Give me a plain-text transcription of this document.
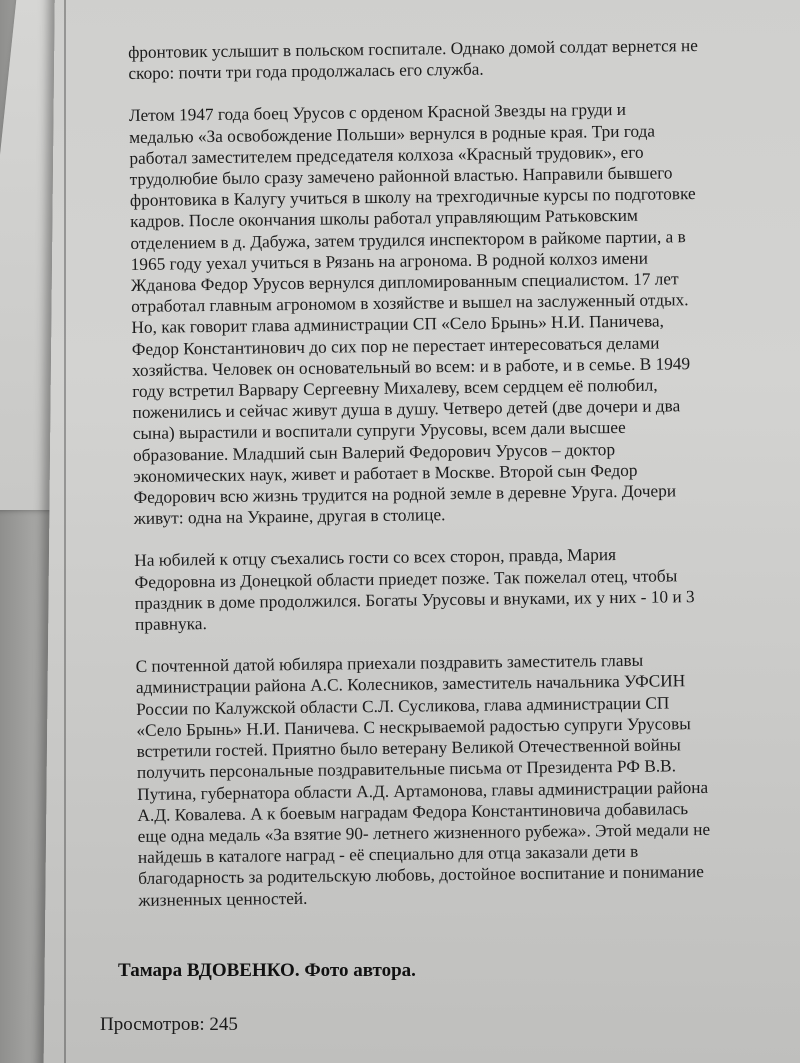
фронтовик услышит в польском госпитале. Однако домой солдат вернется не
скоро: почти три года продолжалась его служба.

Летом 1947 года боец Урусов с орденом Красной Звезды на груди и
медалью «За освобождение Польши» вернулся в родные края. Три года
работал заместителем председателя колхоза «Красный трудовик», его
трудолюбие было сразу замечено районной властью. Направили бывшего
фронтовика в Калугу учиться в школу на трехгодичные курсы по подготовке
кадров. После окончания школы работал управляющим Ратьковским
отделением в д. Дабужа, затем трудился инспектором в райкоме партии, а в
1965 году уехал учиться в Рязань на агронома. В родной колхоз имени
Жданова Федор Урусов вернулся дипломированным специалистом. 17 лет
отработал главным агрономом в хозяйстве и вышел на заслуженный отдых.
Но, как говорит глава администрации СП «Село Брынь» Н.И. Паничева,
Федор Константинович до сих пор не перестает интересоваться делами
хозяйства. Человек он основательный во всем: и в работе, и в семье. В 1949
году встретил Варвару Сергеевну Михалеву, всем сердцем её полюбил,
поженились и сейчас живут душа в душу. Четверо детей (две дочери и два
сына) вырастили и воспитали супруги Урусовы, всем дали высшее
образование. Младший сын Валерий Федорович Урусов – доктор
экономических наук, живет и работает в Москве. Второй сын Федор
Федорович всю жизнь трудится на родной земле в деревне Уруга. Дочери
живут: одна на Украине, другая в столице.

На юбилей к отцу съехались гости со всех сторон, правда, Мария
Федоровна из Донецкой области приедет позже. Так пожелал отец, чтобы
праздник в доме продолжился. Богаты Урусовы и внуками, их у них - 10 и 3
правнука.

С почтенной датой юбиляра приехали поздравить заместитель главы
администрации района А.С. Колесников, заместитель начальника УФСИН
России по Калужской области С.Л. Сусликова, глава администрации СП
«Село Брынь» Н.И. Паничева. С нескрываемой радостью супруги Урусовы
встретили гостей. Приятно было ветерану Великой Отечественной войны
получить персональные поздравительные письма от Президента РФ В.В.
Путина, губернатора области А.Д. Артамонова, главы администрации района
А.Д. Ковалева. А к боевым наградам Федора Константиновича добавилась
еще одна медаль «За взятие 90- летнего жизненного рубежа». Этой медали не
найдешь в каталоге наград - её специально для отца заказали дети в
благодарность за родительскую любовь, достойное воспитание и понимание
жизненных ценностей.

Тамара ВДОВЕНКО. Фото автора.
Просмотров: 245
